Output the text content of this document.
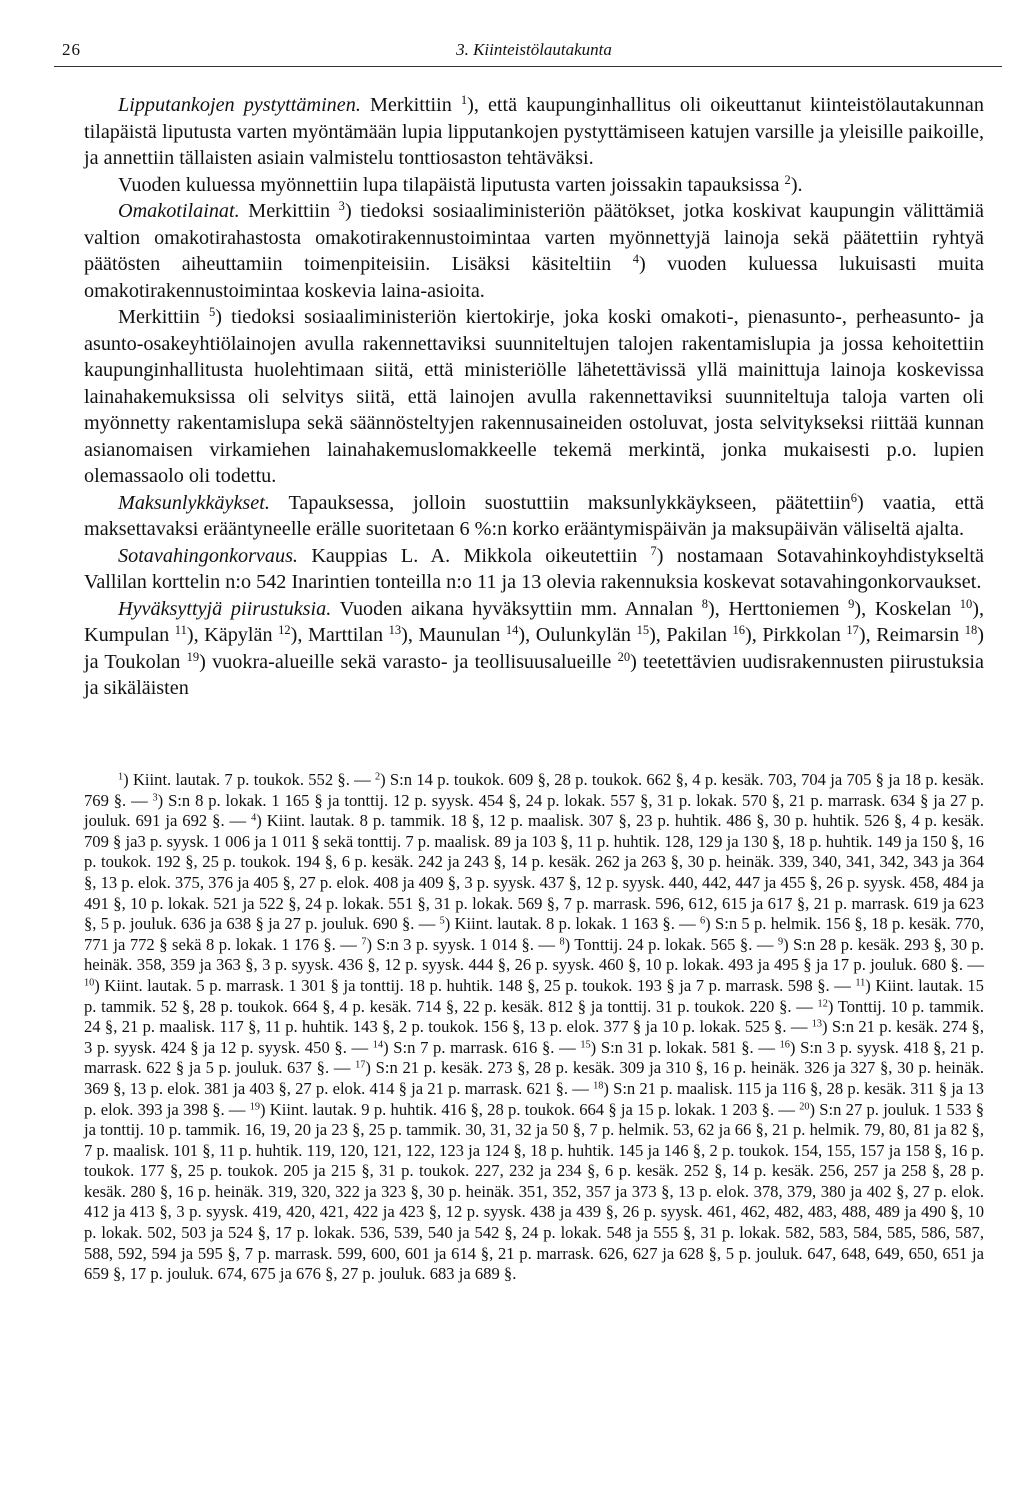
26	3. Kiinteistölautakunta

Lipputankojen pystyttäminen. Merkittiin $^1$), että kaupunginhallitus oli oikeuttanut kiinteistölautakunnan tilapäistä liputusta varten myöntämään lupia lipputankojen pystyttämiseen katujen varsille ja yleisille paikoille, ja annettiin tällaisten asiain valmistelu tonttiosaston tehtäväksi.

Vuoden kuluessa myönnettiin lupa tilapäistä liputusta varten joissakin tapauksissa $^2$).

Omakotilainat. Merkittiin $^3$) tiedoksi sosiaaliministeriön päätökset, jotka koskivat kaupungin välittämiä valtion omakotirahastosta omakotirakennustoimintaa varten myönnettyjä lainoja sekä päätettiin ryhtyä päätösten aiheuttamiin toimenpiteisiin. Lisäksi käsiteltiin $^4$) vuoden kuluessa lukuisasti muita omakotirakennustoimintaa koskevia laina-asioita.

Merkittiin $^5$) tiedoksi sosiaaliministeriön kiertokirje, joka koski omakoti-, pienasunto-, perheasunto- ja asunto-osakeyhtiölainojen avulla rakennettaviksi suunniteltujen talojen rakentamislupia ja jossa kehoitettiin kaupunginhallitusta huolehtimaan siitä, että ministeriölle lähetettävissä yllä mainittuja lainoja koskevissa lainahakemuksissa oli selvitys siitä, että lainojen avulla rakennettaviksi suunniteltuja taloja varten oli myönnetty rakentamislupa sekä säännösteltyjen rakennusaineiden ostoluvat, josta selvitykseksi riittää kunnan asianomaisen virkamiehen lainahakemuslomakkeelle tekemä merkintä, jonka mukaisesti p.o. lupien olemassaolo oli todettu.

Maksunlykkäykset. Tapauksessa, jolloin suostuttiin maksunlykkäykseen, päätettiin$^6$) vaatia, että maksettavaksi erääntyneelle erälle suoritetaan 6 %:n korko erääntymispäivän ja maksupäivän väliseltä ajalta.

Sotavahingonkorvaus. Kauppias L. A. Mikkola oikeutettiin $^7$) nostamaan Sotavahinkoyhdistykseltä Vallilan korttelin n:o 542 Inarintien tonteilla n:o 11 ja 13 olevia rakennuksia koskevat sotavahingonkorvaukset.

Hyväksyttyjä piirustuksia. Vuoden aikana hyväksyttiin mm. Annalan $^8$), Herttoniemen $^9$), Koskelan $^{10}$), Kumpulan $^{11}$), Käpylän $^{12}$), Marttilan $^{13}$), Maunulan $^{14}$), Oulunkylän $^{15}$), Pakilan $^{16}$), Pirkkolan $^{17}$), Reimarsin $^{18}$) ja Toukolan $^{19}$) vuokra-alueille sekä varasto- ja teollisuusalueille $^{20}$) teetettävien uudisrakennusten piirustuksia ja sikäläisten

$^1$) Kiint. lautak. 7 p. toukok. 552 §. — $^2$) S:n 14 p. toukok. 609 §, 28 p. toukok. 662 §, 4 p. kesäk. 703, 704 ja 705 § ja 18 p. kesäk. 769 §. — $^3$) S:n 8 p. lokak. 1 165 § ja tonttij. 12 p. syysk. 454 §, 24 p. lokak. 557 §, 31 p. lokak. 570 §, 21 p. marrask. 634 § ja 27 p. jouluk. 691 ja 692 §. — $^4$) Kiint. lautak. 8 p. tammik. 18 §, 12 p. maalisk. 307 §, 23 p. huhtik. 486 §, 30 p. huhtik. 526 §, 4 p. kesäk. 709 § ja3 p. syysk. 1 006 ja 1 011 § sekä tonttij. 7 p. maalisk. 89 ja 103 §, 11 p. huhtik. 128, 129 ja 130 §, 18 p. huhtik. 149 ja 150 §, 16 p. toukok. 192 §, 25 p. toukok. 194 §, 6 p. kesäk. 242 ja 243 §, 14 p. kesäk. 262 ja 263 §, 30 p. heinäk. 339, 340, 341, 342, 343 ja 364 §, 13 p. elok. 375, 376 ja 405 §, 27 p. elok. 408 ja 409 §, 3 p. syysk. 437 §, 12 p. syysk. 440, 442, 447 ja 455 §, 26 p. syysk. 458, 484 ja 491 §, 10 p. lokak. 521 ja 522 §, 24 p. lokak. 551 §, 31 p. lokak. 569 §, 7 p. marrask. 596, 612, 615 ja 617 §, 21 p. marrask. 619 ja 623 §, 5 p. jouluk. 636 ja 638 § ja 27 p. jouluk. 690 §. — $^5$) Kiint. lautak. 8 p. lokak. 1 163 §. — $^6$) S:n 5 p. helmik. 156 §, 18 p. kesäk. 770, 771 ja 772 § sekä 8 p. lokak. 1 176 §. — $^7$) S:n 3 p. syysk. 1 014 §. — $^8$) Tonttij. 24 p. lokak. 565 §. — $^9$) S:n 28 p. kesäk. 293 §, 30 p. heinäk. 358, 359 ja 363 §, 3 p. syysk. 436 §, 12 p. syysk. 444 §, 26 p. syysk. 460 §, 10 p. lokak. 493 ja 495 § ja 17 p. jouluk. 680 §. — $^{10}$) Kiint. lautak. 5 p. marrask. 1 301 § ja tonttij. 18 p. huhtik. 148 §, 25 p. toukok. 193 § ja 7 p. marrask. 598 §. — $^{11}$) Kiint. lautak. 15 p. tammik. 52 §, 28 p. toukok. 664 §, 4 p. kesäk. 714 §, 22 p. kesäk. 812 § ja tonttij. 31 p. toukok. 220 §. — $^{12}$) Tonttij. 10 p. tammik. 24 §, 21 p. maalisk. 117 §, 11 p. huhtik. 143 §, 2 p. toukok. 156 §, 13 p. elok. 377 § ja 10 p. lokak. 525 §. — $^{13}$) S:n 21 p. kesäk. 274 §, 3 p. syysk. 424 § ja 12 p. syysk. 450 §. — $^{14}$) S:n 7 p. marrask. 616 §. — $^{15}$) S:n 31 p. lokak. 581 §. — $^{16}$) S:n 3 p. syysk. 418 §, 21 p. marrask. 622 § ja 5 p. jouluk. 637 §. — $^{17}$) S:n 21 p. kesäk. 273 §, 28 p. kesäk. 309 ja 310 §, 16 p. heinäk. 326 ja 327 §, 30 p. heinäk. 369 §, 13 p. elok. 381 ja 403 §, 27 p. elok. 414 § ja 21 p. marrask. 621 §. — $^{18}$) S:n 21 p. maalisk. 115 ja 116 §, 28 p. kesäk. 311 § ja 13 p. elok. 393 ja 398 §. — $^{19}$) Kiint. lautak. 9 p. huhtik. 416 §, 28 p. toukok. 664 § ja 15 p. lokak. 1 203 §. — $^{20}$) S:n 27 p. jouluk. 1 533 § ja tonttij. 10 p. tammik. 16, 19, 20 ja 23 §, 25 p. tammik. 30, 31, 32 ja 50 §, 7 p. helmik. 53, 62 ja 66 §, 21 p. helmik. 79, 80, 81 ja 82 §, 7 p. maalisk. 101 §, 11 p. huhtik. 119, 120, 121, 122, 123 ja 124 §, 18 p. huhtik. 145 ja 146 §, 2 p. toukok. 154, 155, 157 ja 158 §, 16 p. toukok. 177 §, 25 p. toukok. 205 ja 215 §, 31 p. toukok. 227, 232 ja 234 §, 6 p. kesäk. 252 §, 14 p. kesäk. 256, 257 ja 258 §, 28 p. kesäk. 280 §, 16 p. heinäk. 319, 320, 322 ja 323 §, 30 p. heinäk. 351, 352, 357 ja 373 §, 13 p. elok. 378, 379, 380 ja 402 §, 27 p. elok. 412 ja 413 §, 3 p. syysk. 419, 420, 421, 422 ja 423 §, 12 p. syysk. 438 ja 439 §, 26 p. syysk. 461, 462, 482, 483, 488, 489 ja 490 §, 10 p. lokak. 502, 503 ja 524 §, 17 p. lokak. 536, 539, 540 ja 542 §, 24 p. lokak. 548 ja 555 §, 31 p. lokak. 582, 583, 584, 585, 586, 587, 588, 592, 594 ja 595 §, 7 p. marrask. 599, 600, 601 ja 614 §, 21 p. marrask. 626, 627 ja 628 §, 5 p. jouluk. 647, 648, 649, 650, 651 ja 659 §, 17 p. jouluk. 674, 675 ja 676 §, 27 p. jouluk. 683 ja 689 §.
